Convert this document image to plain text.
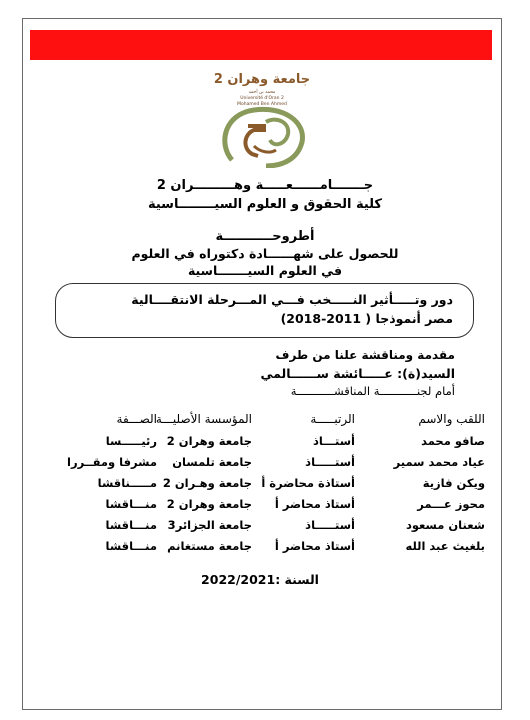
جامعة وهران 2
محمد بن أحمد
Université d'Oran 2
Mohamed Ben Ahmed
جـــــــامــــــعـــــة وهـــــــــران 2
كلية الحقوق و العلوم السيــــــــاسية
أطروحـــــــــــة
للحصول على شهــــــادة دكتوراه في العلوم
في العلوم السيـــــــاسية
دور وتـــــأثير النـــــخب فـــي المـــرحلة الانتقــــالية
مصر أنموذجا ( 2011-2018)
مقدمة ومناقشة علنا من طرف
السيد(ة): عـــــائشة ســــــالمي
أمام لجنـــــــــــة المناقشـــــــــــة
اللقب والاسم
الرتبـــــة
المؤسسة الأصليـــة
الصـــفة
صافو محمد
أستـــاذ
جامعة وهران 2
رئيـــــسا
عياد محمد سمير
أستـــــاذ
جامعة تلمسان
مشرفا ومقــررا
ويكن فازية
أستاذة محاضرة أ
جامعة وهـران 2
مـــــناقشا
محوز عـــمر
أستاذ محاضر أ
جامعة وهران 2
منـــاقشا
شعنان مسعود
أستـــــاذ
جامعة الجزائر3
منـــاقشا
بلغيث عبد الله
أستاذ محاضر أ
جامعة مستغانم
منـــاقشا
السنة :2022/2021
